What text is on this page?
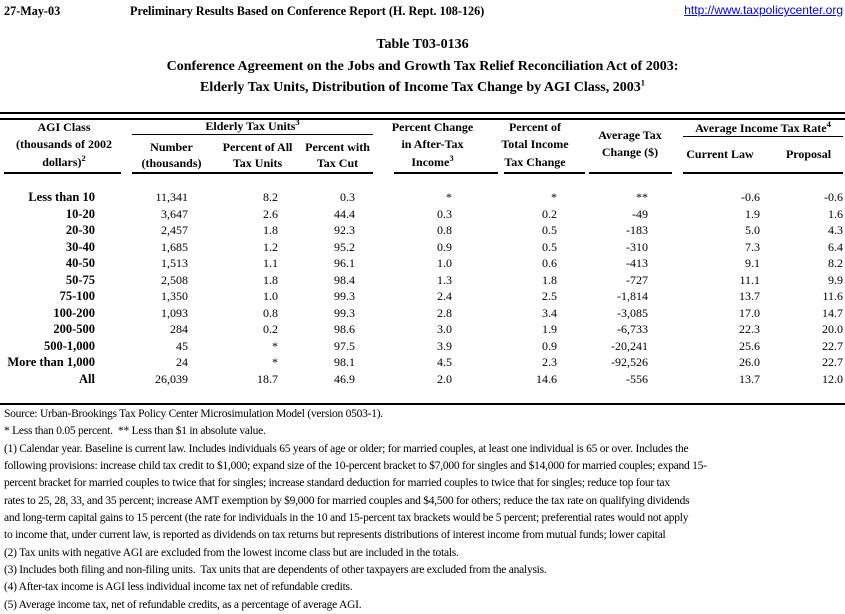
27-May-03	Preliminary Results Based on Conference Report (H. Rept. 108-126)	http://www.taxpolicycenter.org
Table T03-0136
Conference Agreement on the Jobs and Growth Tax Relief Reconciliation Act of 2003:
Elderly Tax Units, Distribution of Income Tax Change by AGI Class, 2003$^1$
AGI Class
(thousands of 2002
dollars)$^2$
Elderly Tax Units$^3$
Number
(thousands)
Percent of All
Tax Units
Percent with
Tax Cut
Percent Change
in After-Tax
Income$^3$
Percent of
Total Income
Tax Change
Average Tax
Change ($)
Average Income Tax Rate$^4$
Current Law	Proposal
Less than 10	11,341	8.2	0.3	*	*	**	-0.6	-0.6
10-20	3,647	2.6	44.4	0.3	0.2	-49	1.9	1.6
20-30	2,457	1.8	92.3	0.8	0.5	-183	5.0	4.3
30-40	1,685	1.2	95.2	0.9	0.5	-310	7.3	6.4
40-50	1,513	1.1	96.1	1.0	0.6	-413	9.1	8.2
50-75	2,508	1.8	98.4	1.3	1.8	-727	11.1	9.9
75-100	1,350	1.0	99.3	2.4	2.5	-1,814	13.7	11.6
100-200	1,093	0.8	99.3	2.8	3.4	-3,085	17.0	14.7
200-500	284	0.2	98.6	3.0	1.9	-6,733	22.3	20.0
500-1,000	45	*	97.5	3.9	0.9	-20,241	25.6	22.7
More than 1,000	24	*	98.1	4.5	2.3	-92,526	26.0	22.7
All	26,039	18.7	46.9	2.0	14.6	-556	13.7	12.0
Source: Urban-Brookings Tax Policy Center Microsimulation Model (version 0503-1).
* Less than 0.05 percent.  ** Less than $1 in absolute value.
(1) Calendar year. Baseline is current law. Includes individuals 65 years of age or older; for married couples, at least one individual is 65 or over. Includes the
following provisions: increase child tax credit to $1,000; expand size of the 10-percent bracket to $7,000 for singles and $14,000 for married couples; expand 15-
percent bracket for married couples to twice that for singles; increase standard deduction for married couples to twice that for singles; reduce top four tax
rates to 25, 28, 33, and 35 percent; increase AMT exemption by $9,000 for married couples and $4,500 for others; reduce the tax rate on qualifying dividends
and long-term capital gains to 15 percent (the rate for individuals in the 10 and 15-percent tax brackets would be 5 percent; preferential rates would not apply
to income that, under current law, is reported as dividends on tax returns but represents distributions of interest income from mutual funds; lower capital
(2) Tax units with negative AGI are excluded from the lowest income class but are included in the totals.
(3) Includes both filing and non-filing units.  Tax units that are dependents of other taxpayers are excluded from the analysis.
(4) After-tax income is AGI less individual income tax net of refundable credits.
(5) Average income tax, net of refundable credits, as a percentage of average AGI.
